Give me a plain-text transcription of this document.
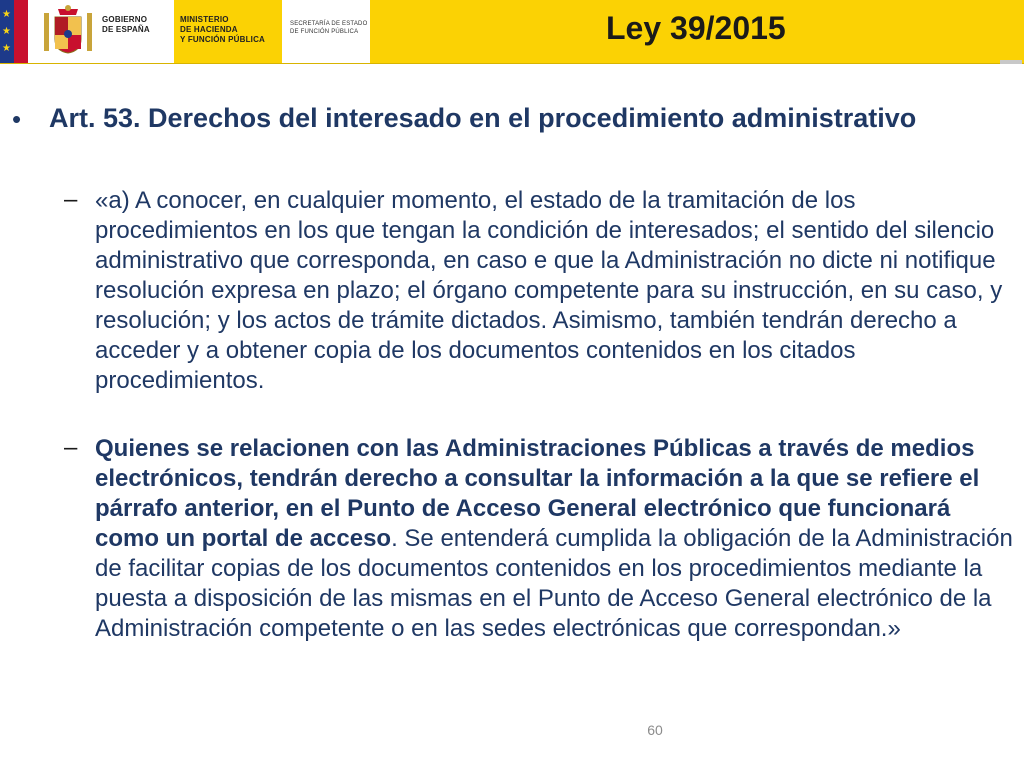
★
★
★
GOBIERNO
DE ESPAÑA
MINISTERIO
DE HACIENDA
Y FUNCIÓN PÚBLICA
SECRETARÍA DE ESTADO
DE FUNCIÓN PÚBLICA	Ley 39/2015
• Art. 53. Derechos del interesado en el procedimiento administrativo
– «a) A conocer, en cualquier momento, el estado de la tramitación de los procedimientos en los que tengan la condición de interesados; el sentido del silencio administrativo que corresponda, en caso e que la Administración no dicte ni notifique resolución expresa en plazo; el órgano competente para su instrucción, en su caso, y resolución; y los actos de trámite dictados. Asimismo, también tendrán derecho a acceder y a obtener copia de los documentos contenidos en los citados procedimientos.
– Quienes se relacionen con las Administraciones Públicas a través de medios electrónicos, tendrán derecho a consultar la información a la que se refiere el párrafo anterior, en el Punto de Acceso General electrónico que funcionará como un portal de acceso. Se entenderá cumplida la obligación de la Administración de facilitar copias de los documentos contenidos en los procedimientos mediante la puesta a disposición de las mismas en el Punto de Acceso General electrónico de la Administración competente o en las sedes electrónicas que correspondan.»
60
